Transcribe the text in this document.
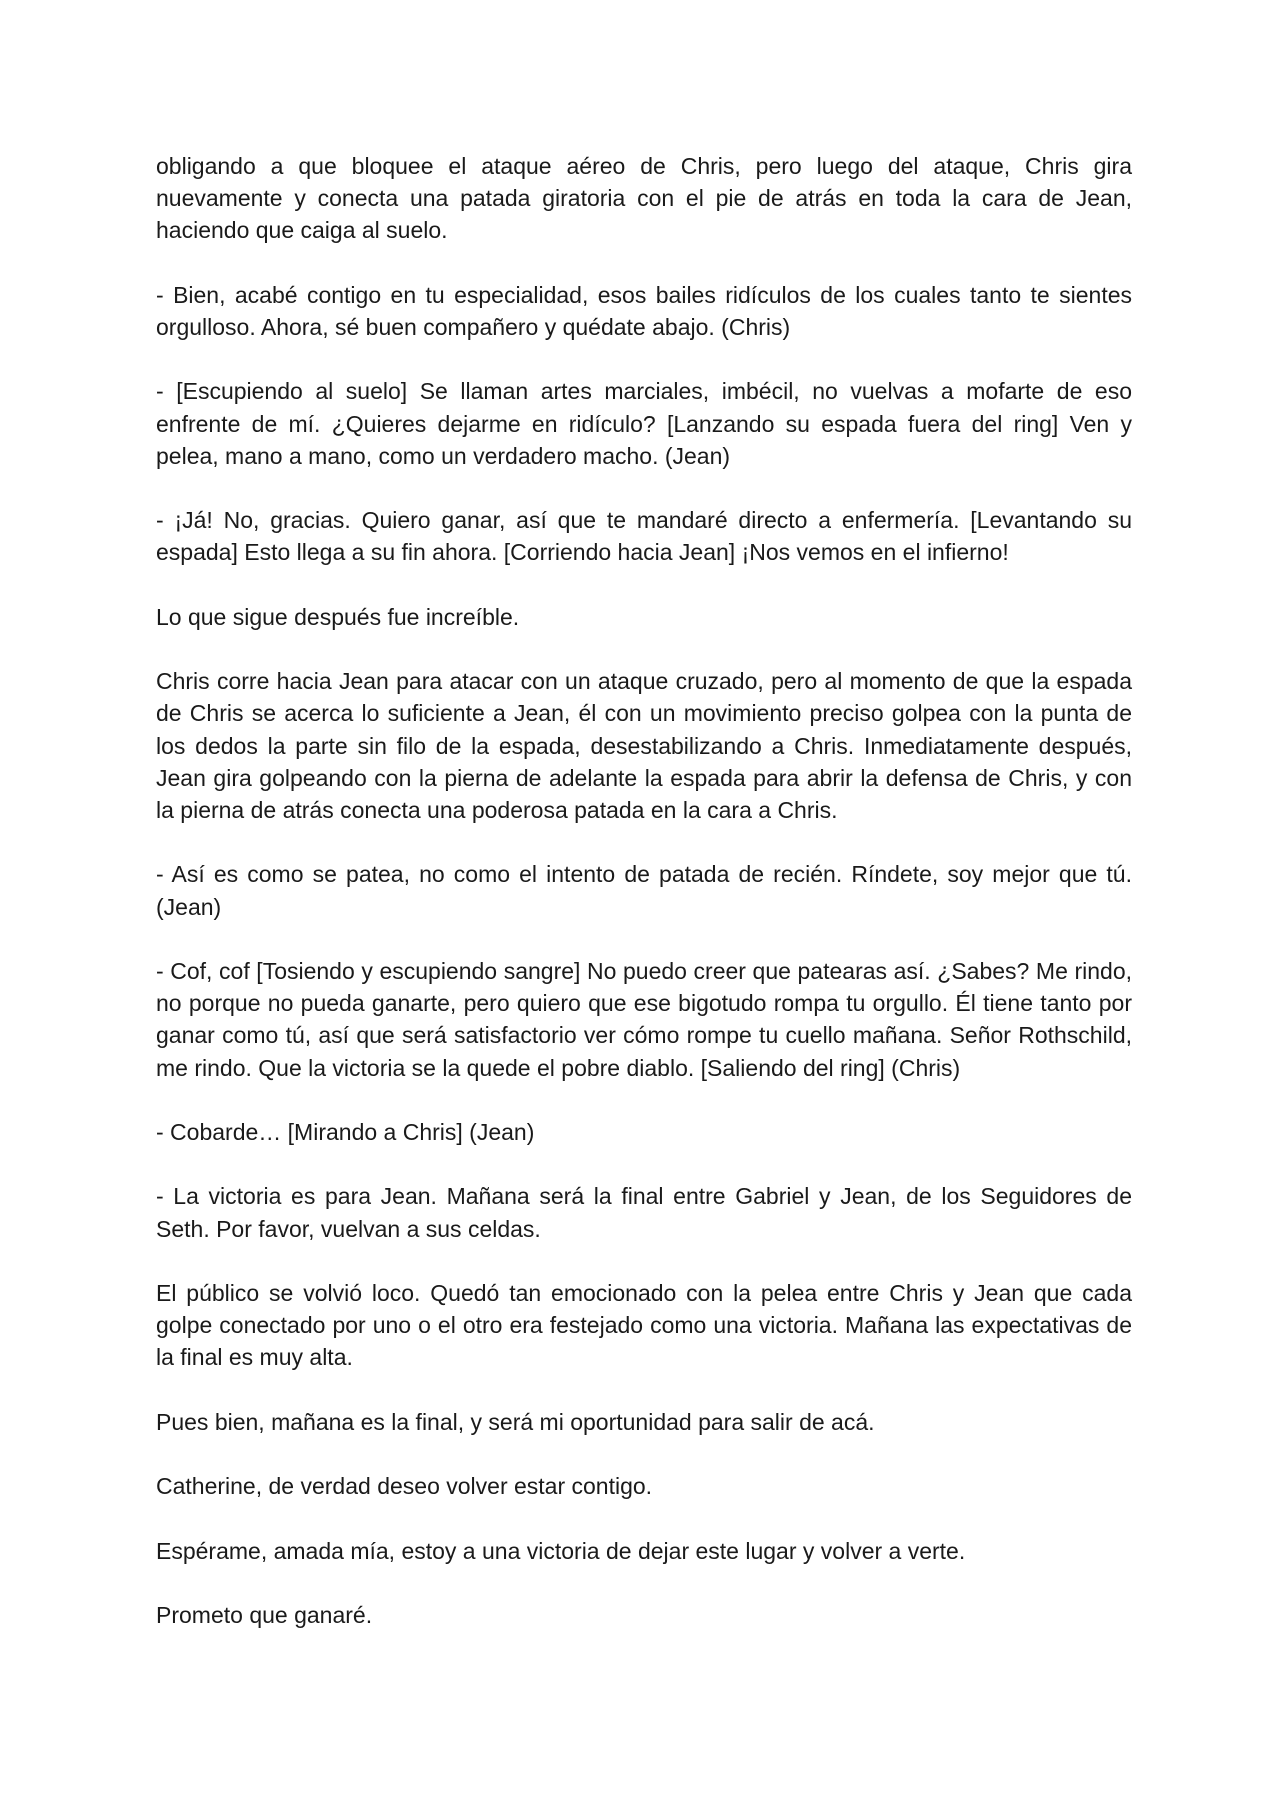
obligando a que bloquee el ataque aéreo de Chris, pero luego del ataque, Chris gira nuevamente y conecta una patada giratoria con el pie de atrás en toda la cara de Jean, haciendo que caiga al suelo.

- Bien, acabé contigo en tu especialidad, esos bailes ridículos de los cuales tanto te sientes orgulloso. Ahora, sé buen compañero y quédate abajo. (Chris)

- [Escupiendo al suelo] Se llaman artes marciales, imbécil, no vuelvas a mofarte de eso enfrente de mí. ¿Quieres dejarme en ridículo? [Lanzando su espada fuera del ring] Ven y pelea, mano a mano, como un verdadero macho. (Jean)

- ¡Já! No, gracias. Quiero ganar, así que te mandaré directo a enfermería. [Levantando su espada] Esto llega a su fin ahora. [Corriendo hacia Jean] ¡Nos vemos en el infierno!

Lo que sigue después fue increíble.

Chris corre hacia Jean para atacar con un ataque cruzado, pero al momento de que la espada de Chris se acerca lo suficiente a Jean, él con un movimiento preciso golpea con la punta de los dedos la parte sin filo de la espada, desestabilizando a Chris. Inmediatamente después, Jean gira golpeando con la pierna de adelante la espada para abrir la defensa de Chris, y con la pierna de atrás conecta una poderosa patada en la cara a Chris.

- Así es como se patea, no como el intento de patada de recién. Ríndete, soy mejor que tú. (Jean)

- Cof, cof [Tosiendo y escupiendo sangre] No puedo creer que patearas así. ¿Sabes? Me rindo, no porque no pueda ganarte, pero quiero que ese bigotudo rompa tu orgullo. Él tiene tanto por ganar como tú, así que será satisfactorio ver cómo rompe tu cuello mañana. Señor Rothschild, me rindo. Que la victoria se la quede el pobre diablo. [Saliendo del ring] (Chris)

- Cobarde… [Mirando a Chris] (Jean)

- La victoria es para Jean. Mañana será la final entre Gabriel y Jean, de los Seguidores de Seth. Por favor, vuelvan a sus celdas.

El público se volvió loco. Quedó tan emocionado con la pelea entre Chris y Jean que cada golpe conectado por uno o el otro era festejado como una victoria. Mañana las expectativas de la final es muy alta.

Pues bien, mañana es la final, y será mi oportunidad para salir de acá.

Catherine, de verdad deseo volver estar contigo.

Espérame, amada mía, estoy a una victoria de dejar este lugar y volver a verte.

Prometo que ganaré.
